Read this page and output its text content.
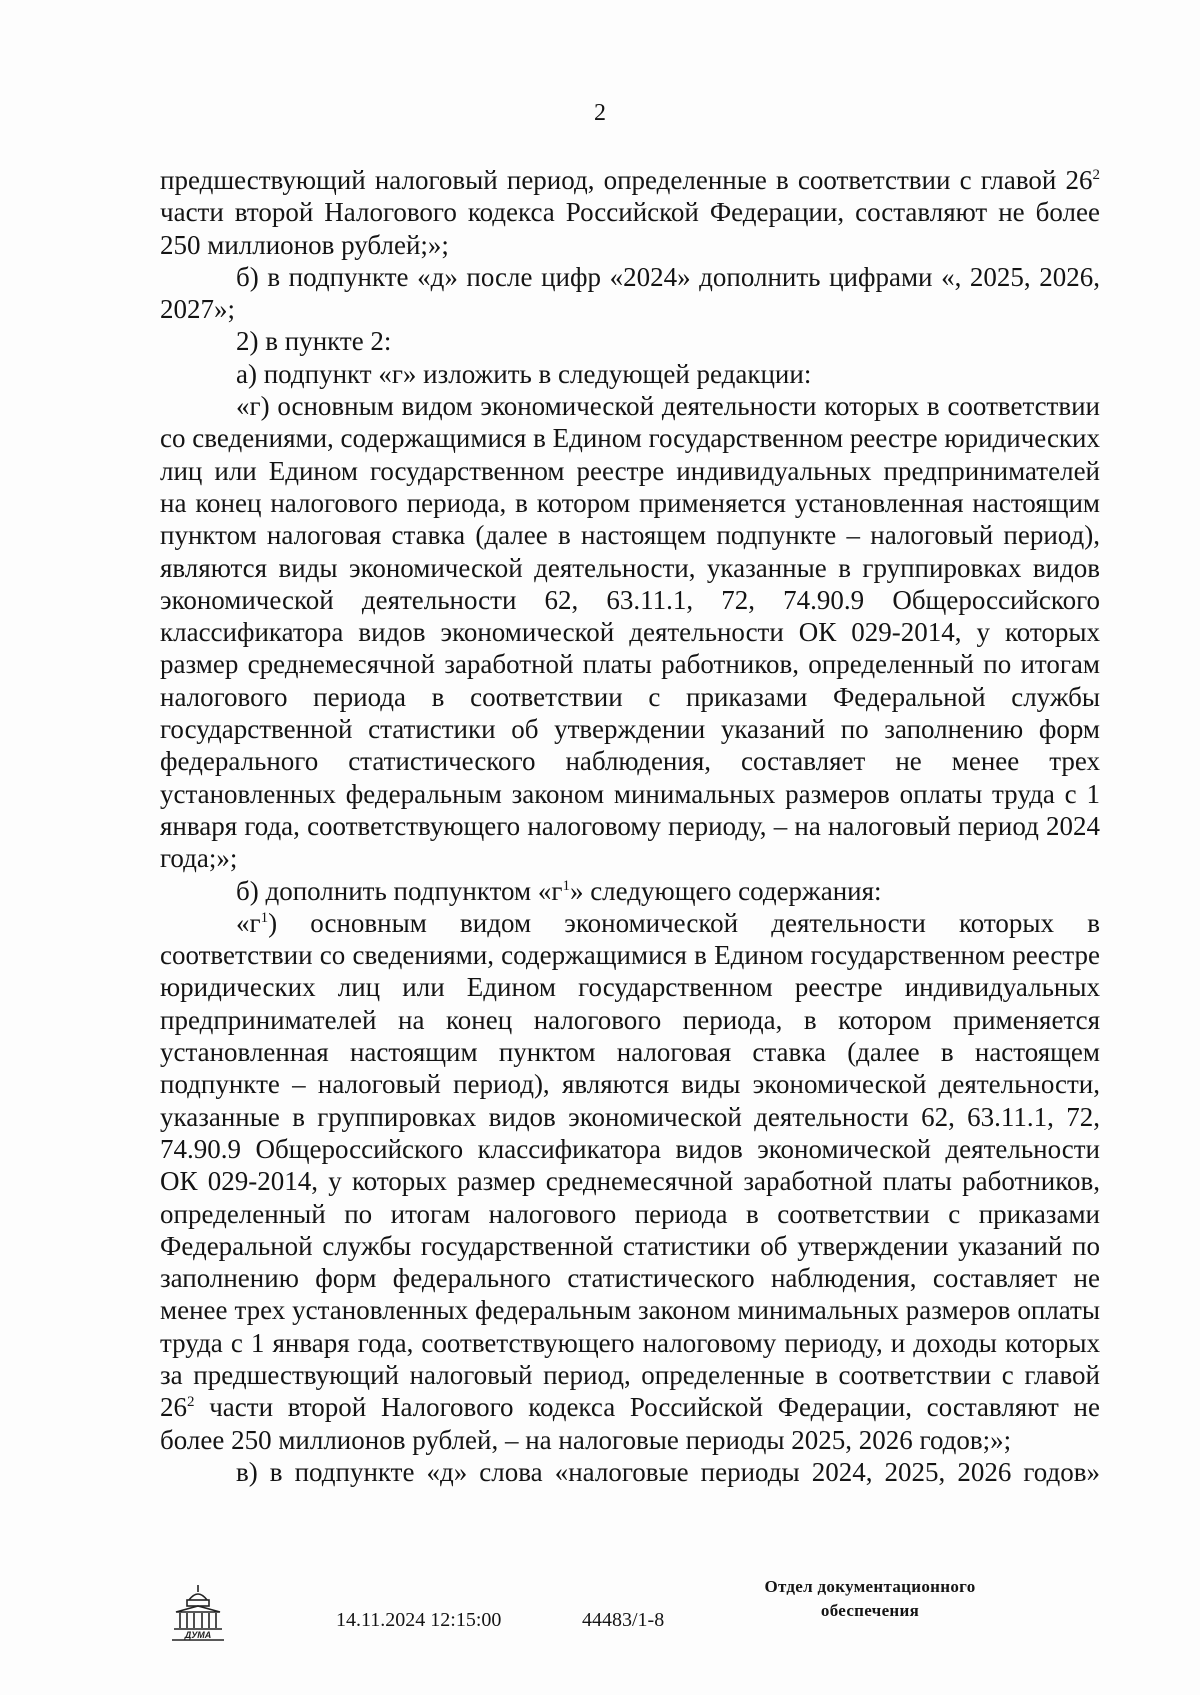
2

предшествующий налоговый период, определенные в соответствии с главой $26^2$ части второй Налогового кодекса Российской Федерации, составляют не более 250 миллионов рублей;»;

б) в подпункте «д» после цифр «2024» дополнить цифрами «, 2025, 2026, 2027»;

2) в пункте 2:

а) подпункт «г» изложить в следующей редакции:

«г) основным видом экономической деятельности которых в соответствии со сведениями, содержащимися в Едином государственном реестре юридических лиц или Едином государственном реестре индивидуальных предпринимателей на конец налогового периода, в котором применяется установленная настоящим пунктом налоговая ставка (далее в настоящем подпункте – налоговый период), являются виды экономической деятельности, указанные в группировках видов экономической деятельности 62, 63.11.1, 72, 74.90.9 Общероссийского классификатора видов экономической деятельности ОК 029-2014, у которых размер среднемесячной заработной платы работников, определенный по итогам налогового периода в соответствии с приказами Федеральной службы государственной статистики об утверждении указаний по заполнению форм федерального статистического наблюдения, составляет не менее трех установленных федеральным законом минимальных размеров оплаты труда с 1 января года, соответствующего налоговому периоду, – на налоговый период 2024 года;»;

б) дополнить подпунктом «$г^1$» следующего содержания:

«$г^1$) основным видом экономической деятельности которых в соответствии со сведениями, содержащимися в Едином государственном реестре юридических лиц или Едином государственном реестре индивидуальных предпринимателей на конец налогового периода, в котором применяется установленная настоящим пунктом налоговая ставка (далее в настоящем подпункте – налоговый период), являются виды экономической деятельности, указанные в группировках видов экономической деятельности 62, 63.11.1, 72, 74.90.9 Общероссийского классификатора видов экономической деятельности ОК 029-2014, у которых размер среднемесячной заработной платы работников, определенный по итогам налогового периода в соответствии с приказами Федеральной службы государственной статистики об утверждении указаний по заполнению форм федерального статистического наблюдения, составляет не менее трех установленных федеральным законом минимальных размеров оплаты труда с 1 января года, соответствующего налоговому периоду, и доходы которых за предшествующий налоговый период, определенные в соответствии с главой $26^2$ части второй Налогового кодекса Российской Федерации, составляют не более 250 миллионов рублей, – на налоговые периоды 2025, 2026 годов;»;

в) в подпункте «д» слова «налоговые периоды 2024, 2025, 2026 годов»

ДУМА
14.11.2024 12:15:00	44483/1-8
Отдел документационного
обеспечения
